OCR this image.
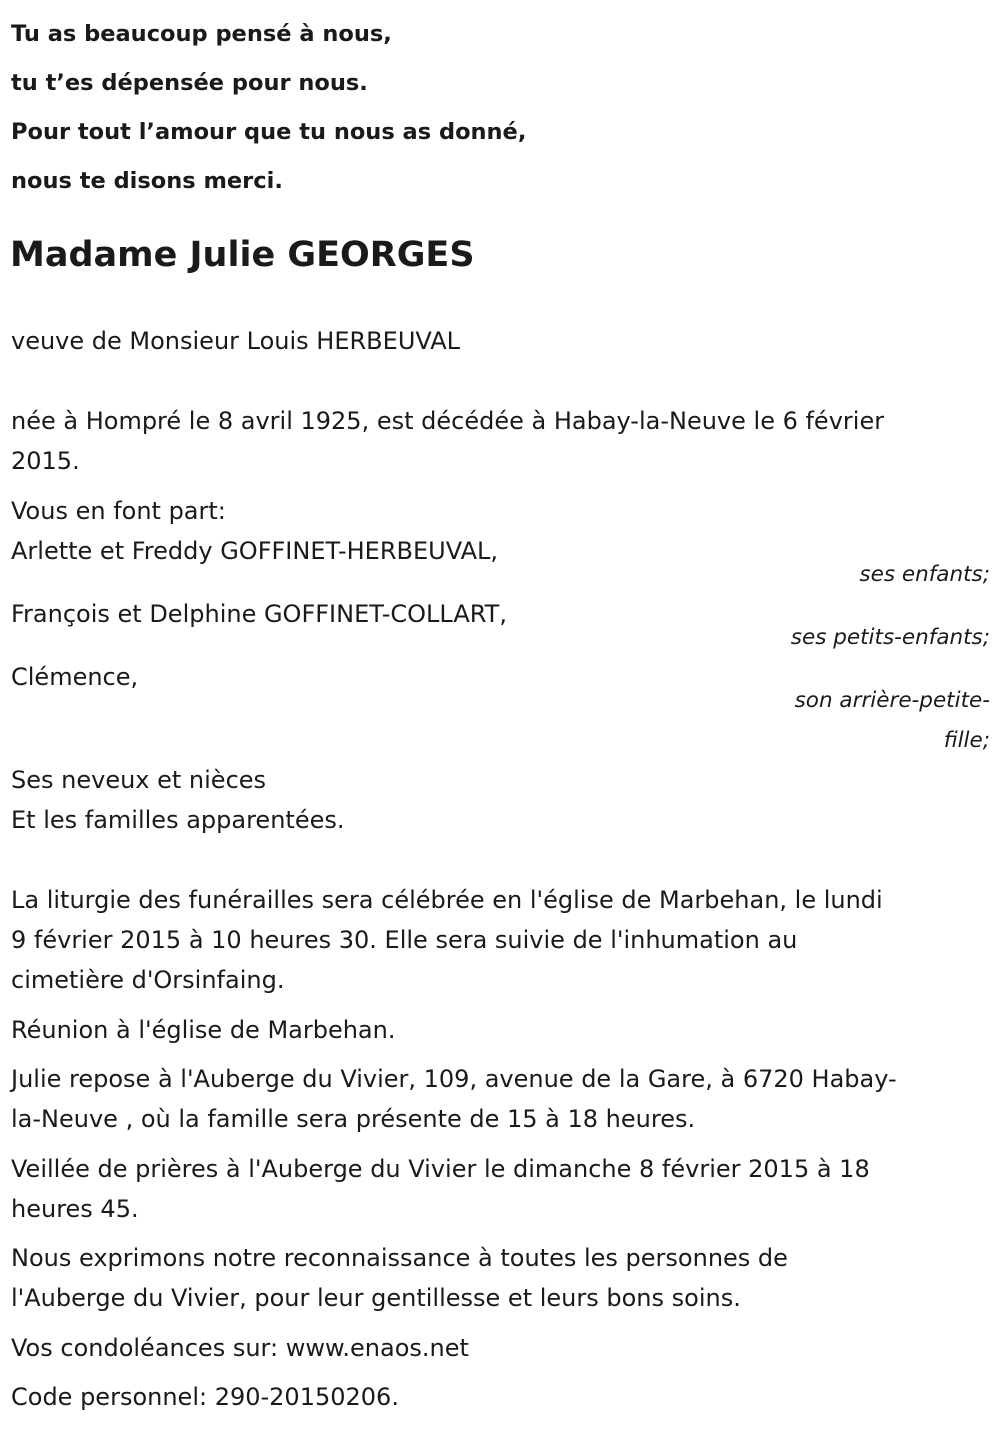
Tu as beaucoup pensé à nous,
tu t’es dépensée pour nous.
Pour tout l’amour que tu nous as donné,
nous te disons merci.
Madame Julie GEORGES

veuve de Monsieur Louis HERBEUVAL

née à Hompré le 8 avril 1925, est décédée à Habay-la-Neuve le 6 février

2015.

Vous en font part:

Arlette et Freddy GOFFINET-HERBEUVAL,

ses enfants;

François et Delphine GOFFINET-COLLART,

ses petits-enfants;

Clémence,

son arrière-petite-

fille;

Ses neveux et nièces

Et les familles apparentées.

La liturgie des funérailles sera célébrée en l'église de Marbehan, le lundi

9 février 2015 à 10 heures 30. Elle sera suivie de l'inhumation au

cimetière d'Orsinfaing.

Réunion à l'église de Marbehan.

Julie repose à l'Auberge du Vivier, 109, avenue de la Gare, à 6720 Habay-

la-Neuve , où la famille sera présente de 15 à 18 heures.

Veillée de prières à l'Auberge du Vivier le dimanche 8 février 2015 à 18

heures 45.

Nous exprimons notre reconnaissance à toutes les personnes de

l'Auberge du Vivier, pour leur gentillesse et leurs bons soins.

Vos condoléances sur: www.enaos.net

Code personnel: 290-20150206.
